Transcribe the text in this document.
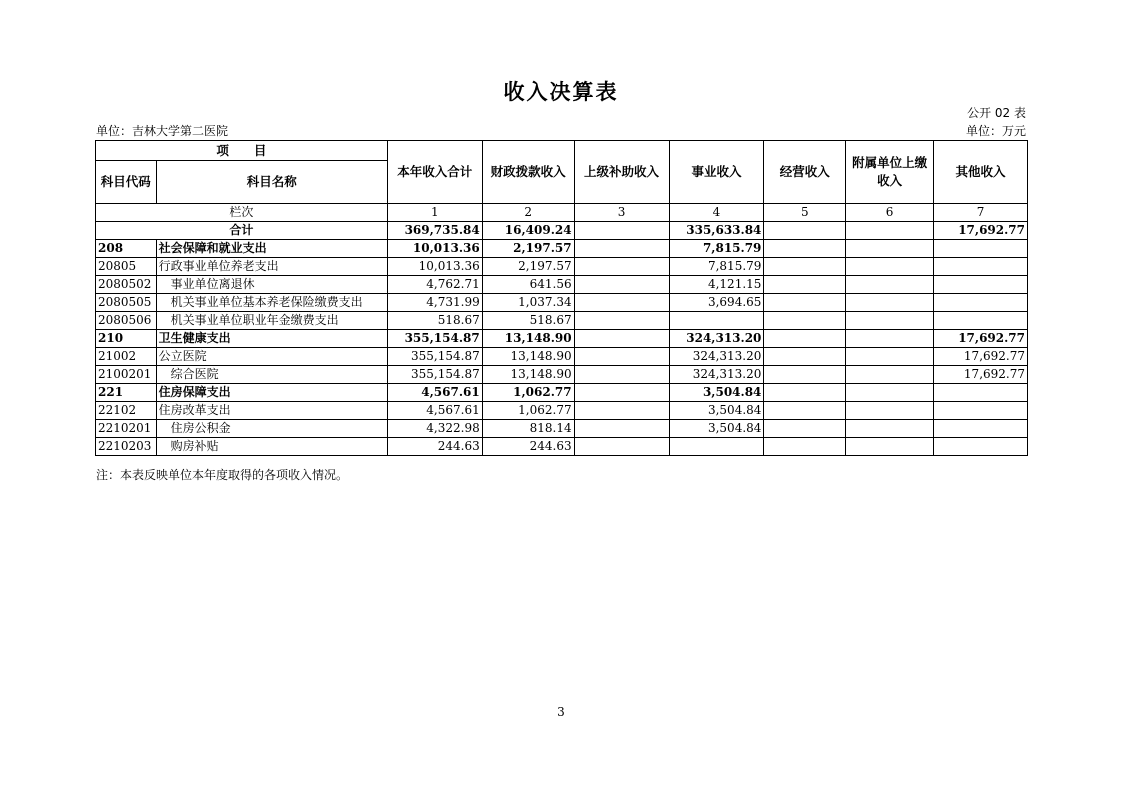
收入决算表
公开 02 表
单位：吉林大学第二医院	单位：万元
项　　目		本年收入合计	财政拨款收入	上级补助收入	事业收入	经营收入	附属单位上缴收入	其他收入
科目代码	科目名称							
栏次		1	2	3	4	5	6	7
合计		369,735.84	16,409.24		335,633.84			17,692.77
208	社会保障和就业支出	10,013.36	2,197.57		7,815.79			
20805	行政事业单位养老支出	10,013.36	2,197.57		7,815.79			
2080502	事业单位离退休	4,762.71	641.56		4,121.15			
2080505	机关事业单位基本养老保险缴费支出	4,731.99	1,037.34		3,694.65			
2080506	机关事业单位职业年金缴费支出	518.67	518.67					
210	卫生健康支出	355,154.87	13,148.90		324,313.20			17,692.77
21002	公立医院	355,154.87	13,148.90		324,313.20			17,692.77
2100201	综合医院	355,154.87	13,148.90		324,313.20			17,692.77
221	住房保障支出	4,567.61	1,062.77		3,504.84			
22102	住房改革支出	4,567.61	1,062.77		3,504.84			
2210201	住房公积金	4,322.98	818.14		3,504.84			
2210203	购房补贴	244.63	244.63					
注：本表反映单位本年度取得的各项收入情况。
3
